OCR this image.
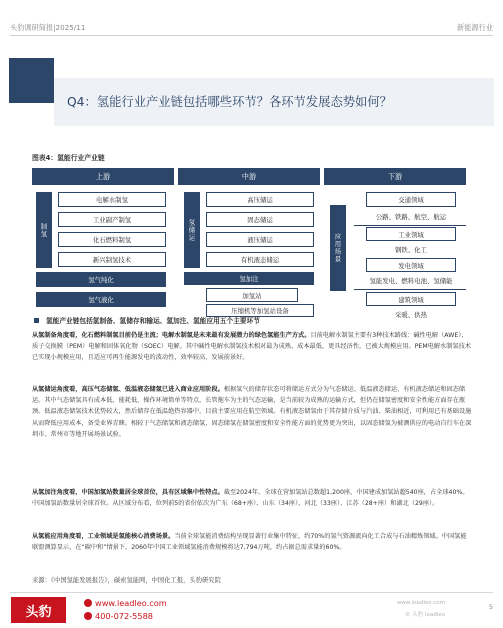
头豹调研简报|2025/11	新能源行业
Q4：氢能行业产业链包括哪些环节？各环节发展态势如何？
图表4：氢能行业产业链
上游	中游	下游
制氢
电解水制氢
工业副产制氢
化石燃料制氢
新兴制氢技术
氢气纯化
氢气液化
氢储运
高压储运
固态储运
液压储运
有机液态储运
氢加注
加氢站
压缩机等加氢站设备
应用场景
交通领域
公路、铁路、航空、航运
工业领域
钢铁、化工
发电领域
氢能发电、燃料电池、氢储能
建筑领域
采暖、供热
氢能产业链包括氢制备、氢储存和输运、氢加注、氢能应用五个主要环节
从氢制备角度看，化石燃料制氢目前仍是主流；电解水制氢是未来最有发展潜力的绿色氢能生产方式。目前电解水制氢主要有3种技术路线：碱性电解（AWE）、质子交换膜（PEM）电解和固体氧化物（SOEC）电解。其中碱性电解水制氢技术相对最为成熟、成本最低、更具经济性，已被大规模应用。PEM电解水制氢技术已实现小规模应用，且适应可再生能源发电的波动性，效率较高，发展前景好。
从氢储运角度看，高压气态储氢、低温液态储氢已进入商业应用阶段。根据氢气的储存状态可将储运方式分为气态储运、低温液态储运、有机液态储运和固态储运。其中气态储氢具有成本低、能耗低、操作环境简单等特点，长管拖车为主的气态运输，是当前较为成熟的运输方式，但仍在储氢密度和安全性能方面存在瓶颈。低温液态储氢技术优势较大，然后储存在低温绝热容器中，目前主要应用在航空领域。有机液态储氢由于其存储介质与汽油、柴油相近，可利用已有基础设施从而降低应用成本，备受业界青睐。相较于气态储氢和液态储氢，固态储氢在储氢密度和安全性能方面的优势更为突出，以固态储氢为被测供应的电动自行车在深圳市、常州市等地开展场景试验。
从氢加注角度看，中国加氢站数量居全球首位，具有区域集中性特点。截至2024年，全球在营加氢站总数超1,200座，中国建成加氢站超540座，占全球40%。中国加氢站数量居全球首位。从区域分布看，位列前5的省份依次为广东（68+座）、山东（34座）、河北（33座）、江苏（28+座）和湖北（29座）。
从氢能应用角度看，工业领域是氢能核心消费场景。当前全球氢能消费结构呈现显著行业集中特征，约70%的氢气资源流向化工合成与石油精炼领域。中国氢能联盟测算显示，在“碳中和”情景下，2060年中国工业领域氢能消费规模将达7,794万吨，约占据总需求量的60%。
来源：《中国氢能发展报告》，碳索氢能网，中国化工报，头豹研究院
头豹
www.leadleo.com
400-072-5588
www.leadleo.com
© 头豹 leadleo
5
